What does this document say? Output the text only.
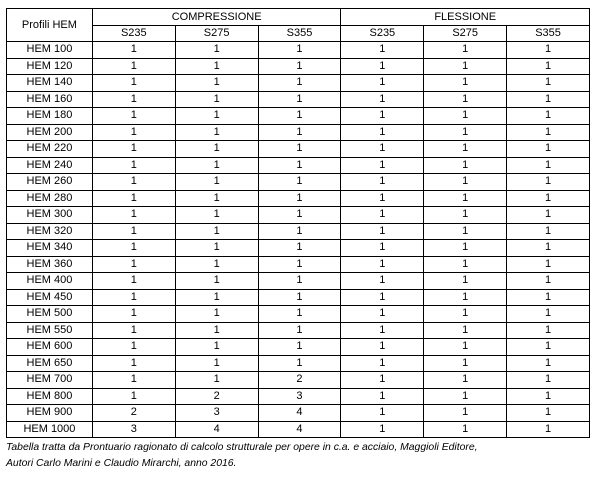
Profili HEM	COMPRESSIONE			FLESSIONE		
	S235	S275	S355	S235	S275	S355
HEM 100	1	1	1	1	1	1
HEM 120	1	1	1	1	1	1
HEM 140	1	1	1	1	1	1
HEM 160	1	1	1	1	1	1
HEM 180	1	1	1	1	1	1
HEM 200	1	1	1	1	1	1
HEM 220	1	1	1	1	1	1
HEM 240	1	1	1	1	1	1
HEM 260	1	1	1	1	1	1
HEM 280	1	1	1	1	1	1
HEM 300	1	1	1	1	1	1
HEM 320	1	1	1	1	1	1
HEM 340	1	1	1	1	1	1
HEM 360	1	1	1	1	1	1
HEM 400	1	1	1	1	1	1
HEM 450	1	1	1	1	1	1
HEM 500	1	1	1	1	1	1
HEM 550	1	1	1	1	1	1
HEM 600	1	1	1	1	1	1
HEM 650	1	1	1	1	1	1
HEM 700	1	1	2	1	1	1
HEM 800	1	2	3	1	1	1
HEM 900	2	3	4	1	1	1
HEM 1000	3	4	4	1	1	1
Tabella tratta da Prontuario ragionato di calcolo strutturale per opere in c.a. e acciaio, Maggioli Editore,
Autori Carlo Marini e Claudio Mirarchi, anno 2016.
